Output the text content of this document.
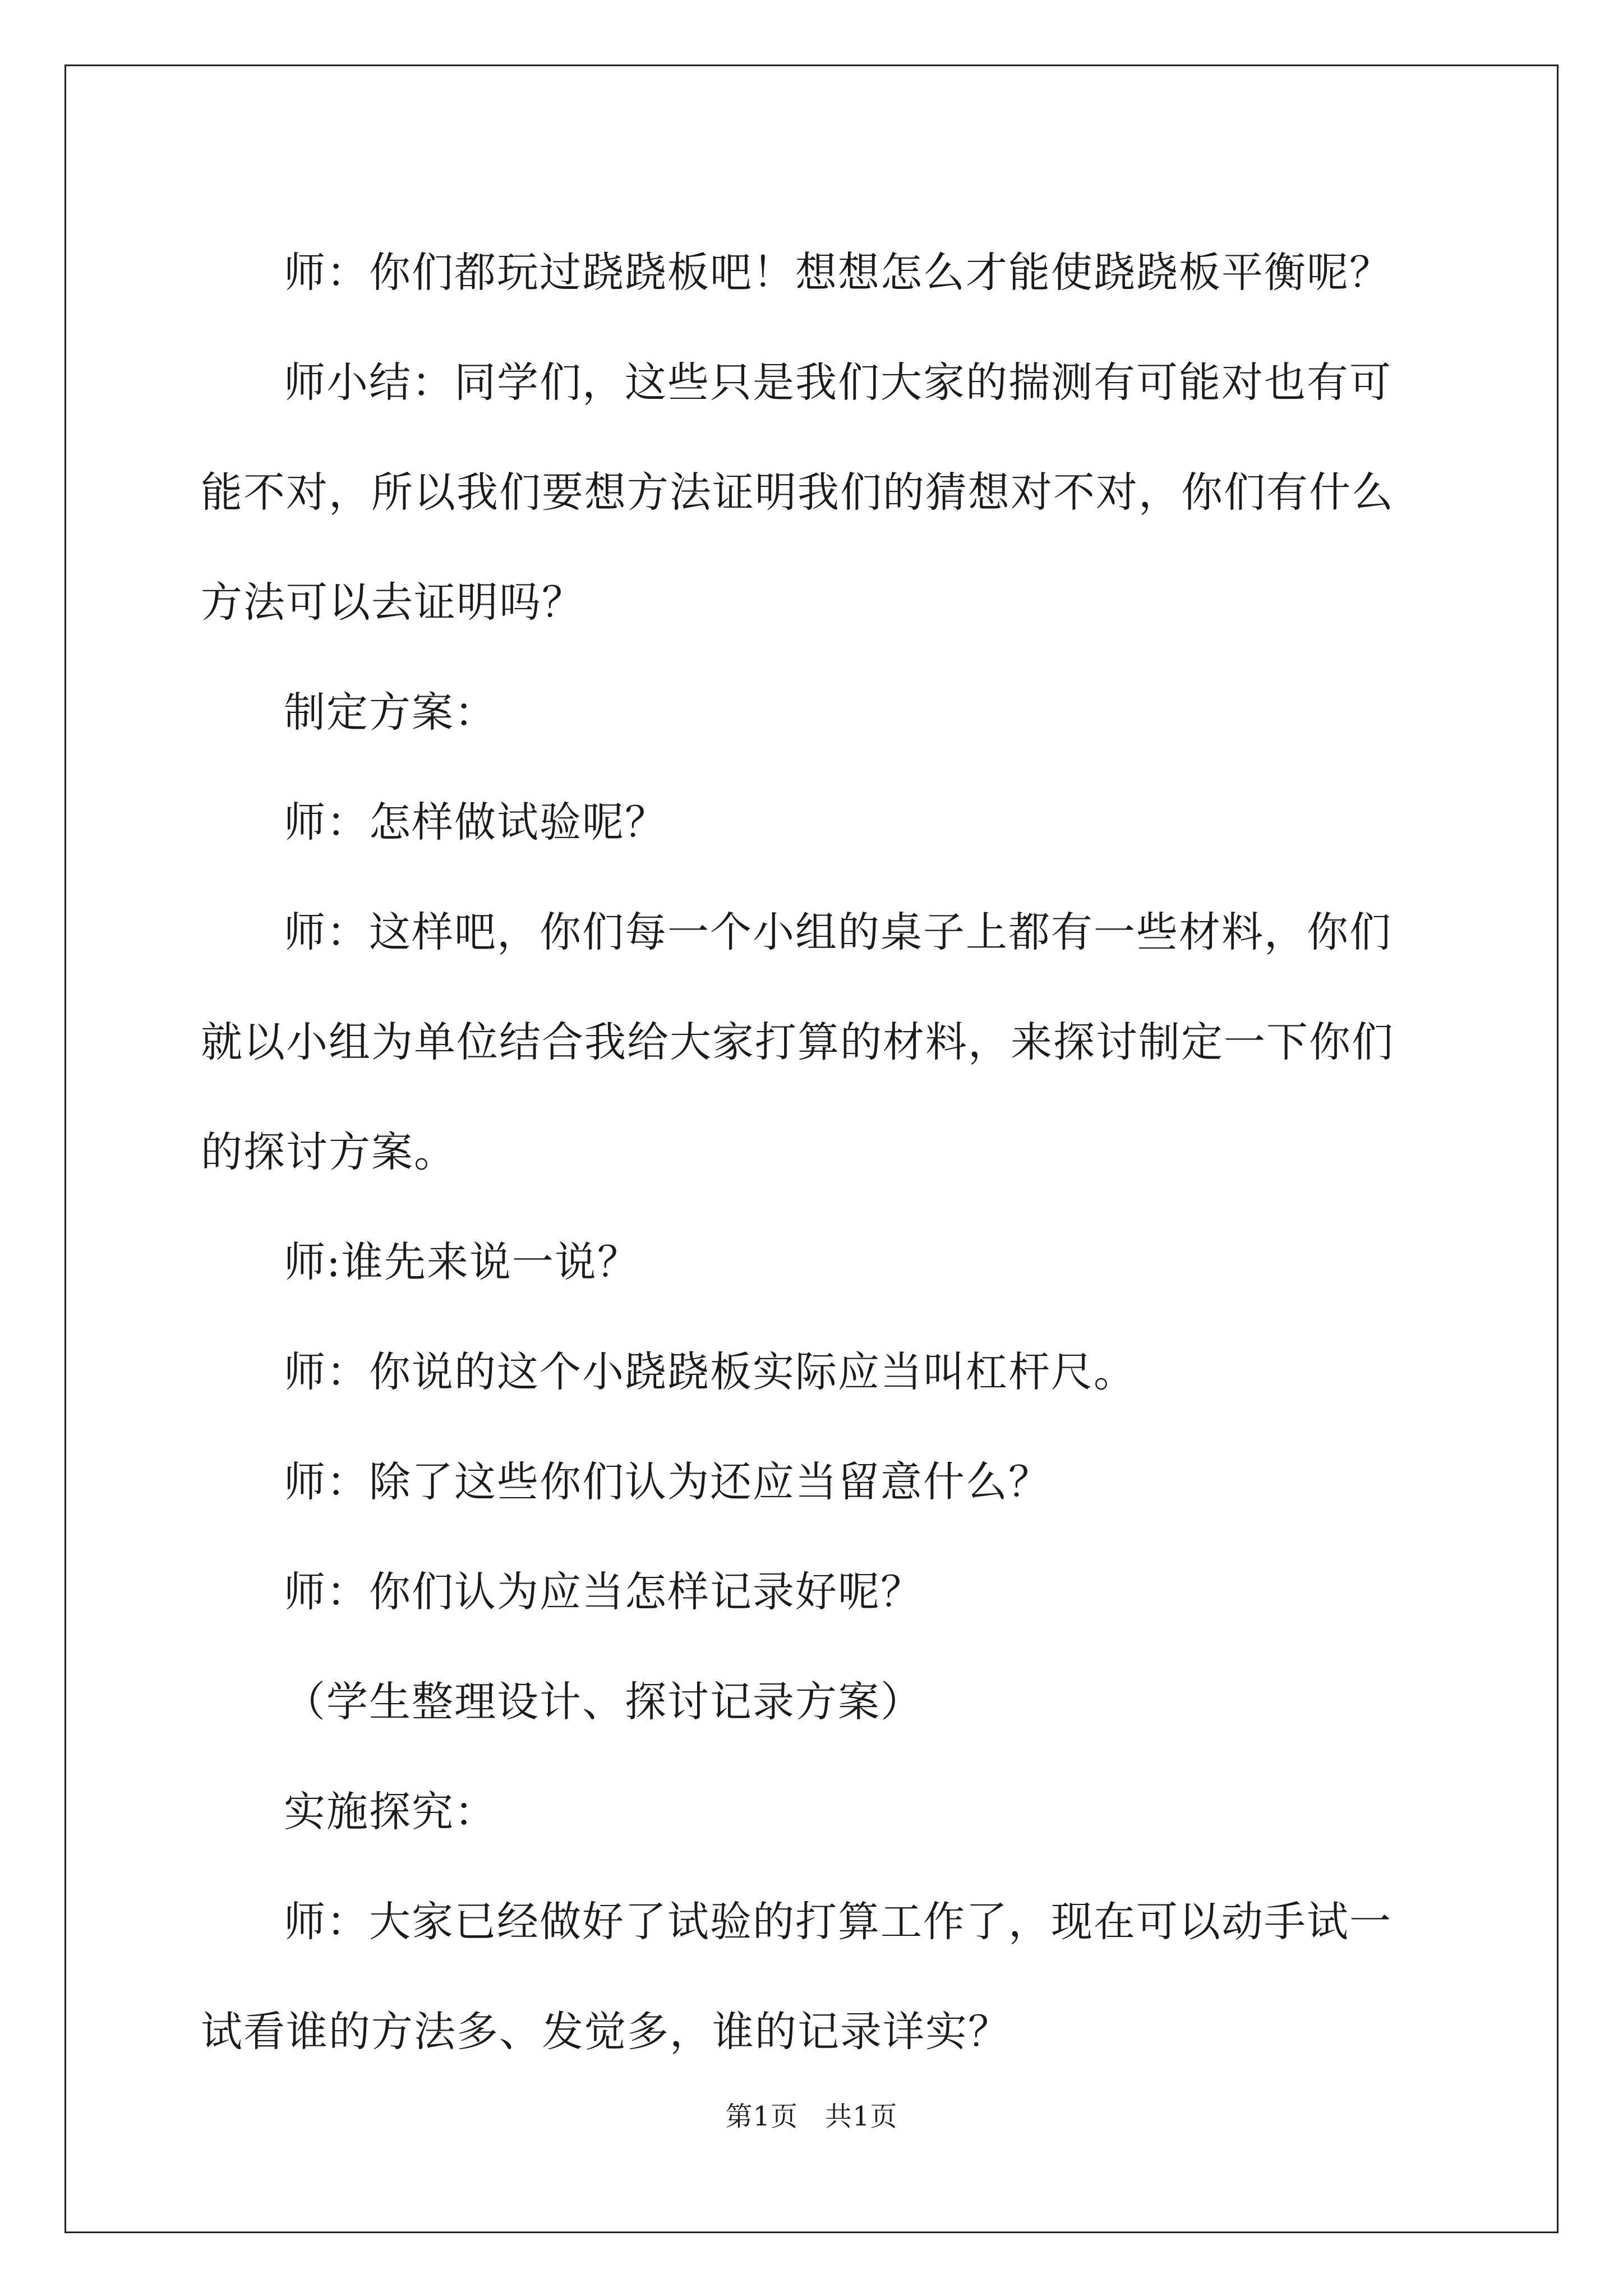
师：你们都玩过跷跷板吧！想想怎么才能使跷跷板平衡呢？

师小结：同学们，这些只是我们大家的揣测有可能对也有可能不对，所以我们要想方法证明我们的猜想对不对，你们有什么方法可以去证明吗？

制定方案：

师：怎样做试验呢？

师：这样吧，你们每一个小组的桌子上都有一些材料，你们就以小组为单位结合我给大家打算的材料，来探讨制定一下你们的探讨方案。

师:谁先来说一说？

师：你说的这个小跷跷板实际应当叫杠杆尺。

师：除了这些你们认为还应当留意什么？

师：你们认为应当怎样记录好呢？

（学生整理设计、探讨记录方案）

实施探究：

师：大家已经做好了试验的打算工作了，现在可以动手试一试看谁的方法多、发觉多，谁的记录详实？

第1页 共1页
